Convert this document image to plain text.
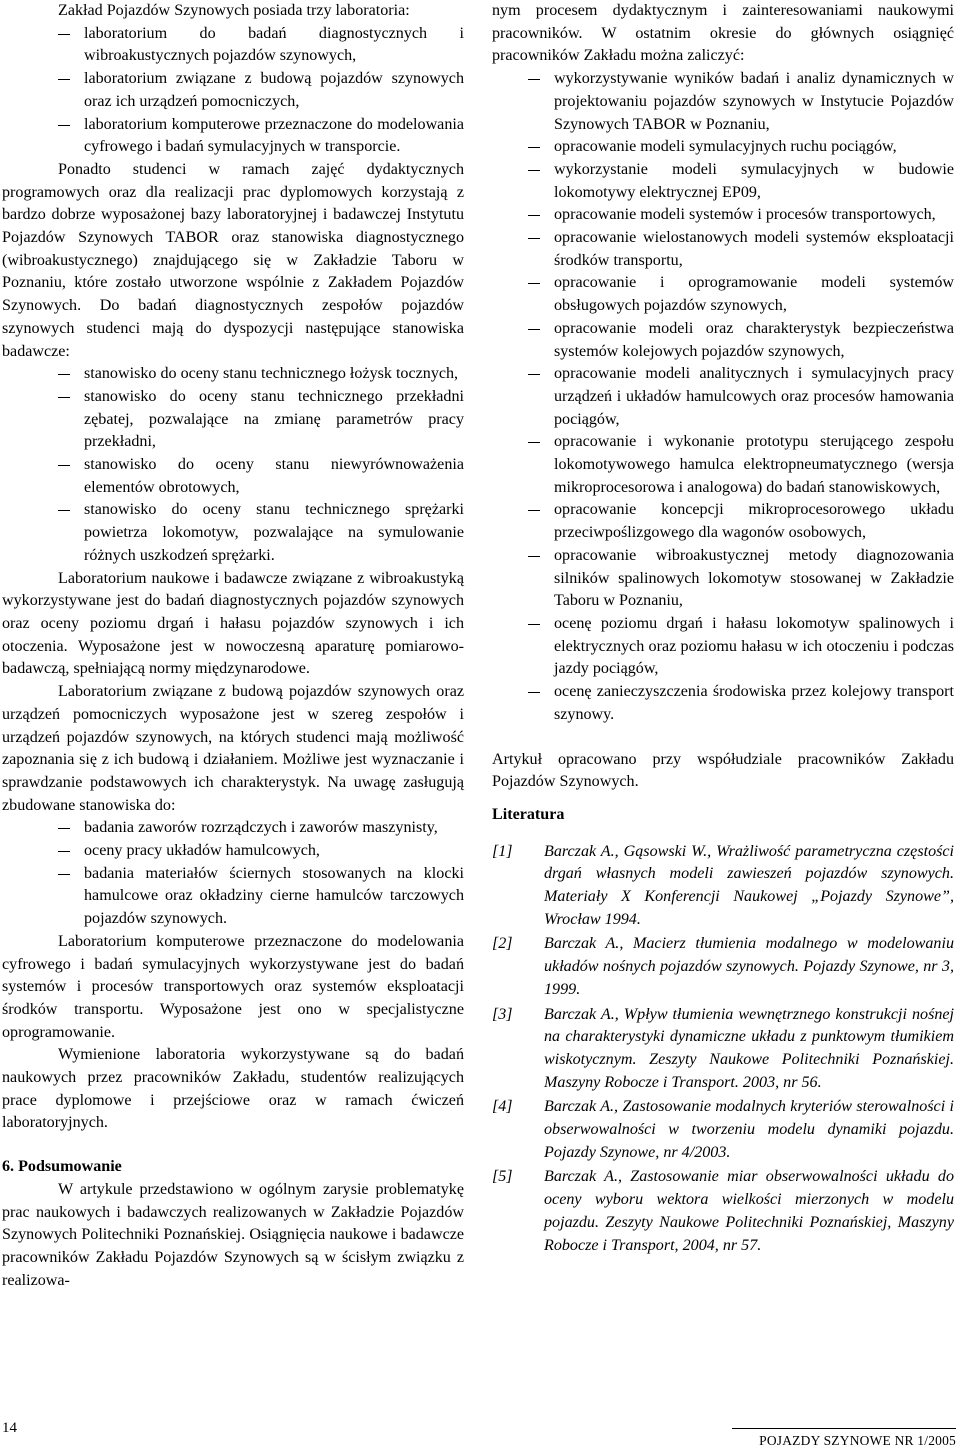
Zakład Pojazdów Szynowych posiada trzy laboratoria:

laboratorium do badań diagnostycznych i wibroakustycznych pojazdów szynowych,
laboratorium związane z budową pojazdów szynowych oraz ich urządzeń pomocniczych,
laboratorium komputerowe przeznaczone do modelowania cyfrowego i badań symulacyjnych w transporcie.

Ponadto studenci w ramach zajęć dydaktycznych programowych oraz dla realizacji prac dyplomowych korzystają z bardzo dobrze wyposażonej bazy laboratoryjnej i badawczej Instytutu Pojazdów Szynowych TABOR oraz stanowiska diagnostycznego (wibroakustycznego) znajdującego się w Zakładzie Taboru w Poznaniu, które zostało utworzone wspólnie z Zakładem Pojazdów Szynowych. Do badań diagnostycznych zespołów pojazdów szynowych studenci mają do dyspozycji następujące stanowiska badawcze:

stanowisko do oceny stanu technicznego łożysk tocznych,
stanowisko do oceny stanu technicznego przekładni zębatej, pozwalające na zmianę parametrów pracy przekładni,
stanowisko do oceny stanu niewyrównoważenia elementów obrotowych,
stanowisko do oceny stanu technicznego sprężarki powietrza lokomotyw, pozwalające na symulowanie różnych uszkodzeń sprężarki.

Laboratorium naukowe i badawcze związane z wibroakustyką wykorzystywane jest do badań diagnostycznych pojazdów szynowych oraz oceny poziomu drgań i hałasu pojazdów szynowych i ich otoczenia. Wyposażone jest w nowoczesną aparaturę pomiarowo-badawczą, spełniającą normy międzynarodowe.

Laboratorium związane z budową pojazdów szynowych oraz urządzeń pomocniczych wyposażone jest w szereg zespołów i urządzeń pojazdów szynowych, na których studenci mają możliwość zapoznania się z ich budową i działaniem. Możliwe jest wyznaczanie i sprawdzanie podstawowych ich charakterystyk. Na uwagę zasługują zbudowane stanowiska do:

badania zaworów rozrządczych i zaworów maszynisty,
oceny pracy układów hamulcowych,
badania materiałów ściernych stosowanych na klocki hamulcowe oraz okładziny cierne hamulców tarczowych pojazdów szynowych.

Laboratorium komputerowe przeznaczone do modelowania cyfrowego i badań symulacyjnych wykorzystywane jest do badań systemów i procesów transportowych oraz systemów eksploatacji środków transportu. Wyposażone jest ono w specjalistyczne oprogramowanie.

Wymienione laboratoria wykorzystywane są do badań naukowych przez pracowników Zakładu, studentów realizujących prace dyplomowe i przejściowe oraz w ramach ćwiczeń laboratoryjnych.

6. Podsumowanie

W artykule przedstawiono w ogólnym zarysie problematykę prac naukowych i badawczych realizowanych w Zakładzie Pojazdów Szynowych Politechniki Poznańskiej. Osiągnięcia naukowe i badawcze pracowników Zakładu Pojazdów Szynowych są w ścisłym związku z realizowa-

nym procesem dydaktycznym i zainteresowaniami naukowymi pracowników. W ostatnim okresie do głównych osiągnięć pracowników Zakładu można zaliczyć:

wykorzystywanie wyników badań i analiz dynamicznych w projektowaniu pojazdów szynowych w Instytucie Pojazdów Szynowych TABOR w Poznaniu,
opracowanie modeli symulacyjnych ruchu pociągów,
wykorzystanie modeli symulacyjnych w budowie lokomotywy elektrycznej EP09,
opracowanie modeli systemów i procesów transportowych,
opracowanie wielostanowych modeli systemów eksploatacji środków transportu,
opracowanie i oprogramowanie modeli systemów obsługowych pojazdów szynowych,
opracowanie modeli oraz charakterystyk bezpieczeństwa systemów kolejowych pojazdów szynowych,
opracowanie modeli analitycznych i symulacyjnych pracy urządzeń i układów hamulcowych oraz procesów hamowania pociągów,
opracowanie i wykonanie prototypu sterującego zespołu lokomotywowego hamulca elektropneumatycznego (wersja mikroprocesorowa i analogowa) do badań stanowiskowych,
opracowanie koncepcji mikroprocesorowego układu przeciwpoślizgowego dla wagonów osobowych,
opracowanie wibroakustycznej metody diagnozowania silników spalinowych lokomotyw stosowanej w Zakładzie Taboru w Poznaniu,
ocenę poziomu drgań i hałasu lokomotyw spalinowych i elektrycznych oraz poziomu hałasu w ich otoczeniu i podczas jazdy pociągów,
ocenę zanieczyszczenia środowiska przez kolejowy transport szynowy.

Artykuł opracowano przy współudziale pracowników Zakładu Pojazdów Szynowych.

Literatura

[1] Barczak A., Gąsowski W., Wrażliwość parametryczna częstości drgań własnych modeli zawieszeń pojazdów szynowych. Materiały X Konferencji Naukowej „Pojazdy Szynowe”, Wrocław 1994.
[2] Barczak A., Macierz tłumienia modalnego w modelowaniu układów nośnych pojazdów szynowych. Pojazdy Szynowe, nr 3, 1999.
[3] Barczak A., Wpływ tłumienia wewnętrznego konstrukcji nośnej na charakterystyki dynamiczne układu z punktowym tłumikiem wiskotycznym. Zeszyty Naukowe Politechniki Poznańskiej. Maszyny Robocze i Transport. 2003, nr 56.
[4] Barczak A., Zastosowanie modalnych kryteriów sterowalności i obserwowalności w tworzeniu modelu dynamiki pojazdu. Pojazdy Szynowe, nr 4/2003.
[5] Barczak A., Zastosowanie miar obserwowalności układu do oceny wyboru wektora wielkości mierzonych w modelu pojazdu. Zeszyty Naukowe Politechniki Poznańskiej, Maszyny Robocze i Transport, 2004, nr 57.
14
POJAZDY SZYNOWE NR 1/2005
